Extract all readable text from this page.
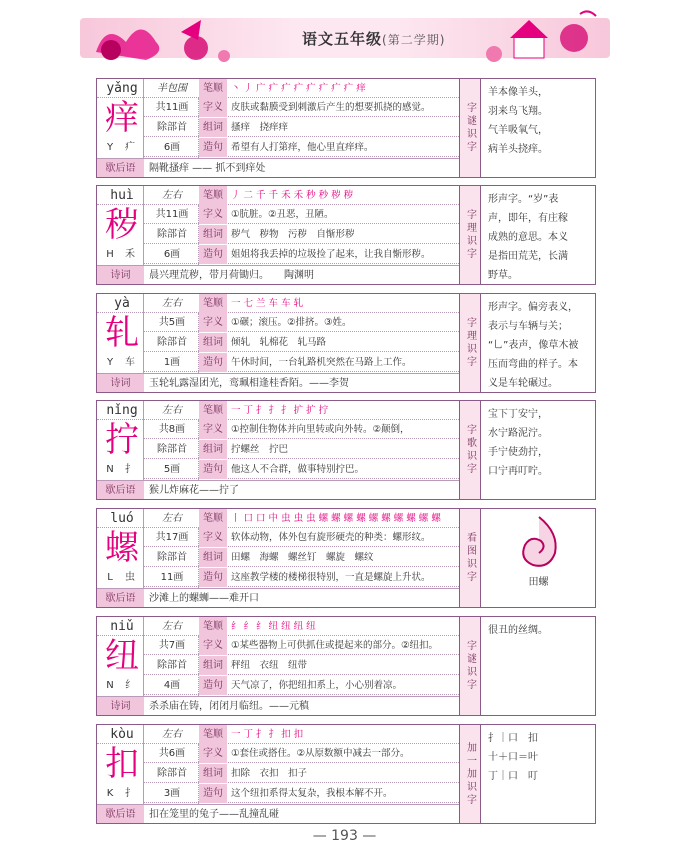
语文五年级(第二学期)
yǎng	半包围	笔顺 丶 丿 广 疒 疒 疒 疒 疒 疒 疒 痒
痒	共11画	字义 皮肤或黏膜受到刺激后产生的想要抓挠的感觉。
除部首	组词 搔痒　挠痒痒
Y 疒	6画	造句 希望有人打第痒，他心里直痒痒。
歇后语	隔靴搔痒 —— 抓不到痒处
字谜识字
羊本像羊头，
羽来鸟飞翔。
气羊吸氧气，
病羊头挠痒。
huì	左右	笔顺 丿 二 千 千 禾 禾 秒 秒 秽 秽
秽	共11画	字义 ①肮脏。②丑恶，丑陋。
除部首	组词 秽气　秽物　污秽　自惭形秽
H 禾	6画	造句 姐姐将我丢掉的垃圾捡了起来，让我自惭形秽。
诗词	晨兴理荒秽，带月荷锄归。　　陶渊明
字理识字
形声字。“岁”表
声，即年，有庄稼
成熟的意思。本义
是指田荒芜，长满
野草。
yà	左右	笔顺 一 七 兰 车 车 轧
轧	共5画	字义 ①碾；滚压。②排挤。③姓。
除部首	组词 倾轧　轧棉花　轧马路
Y 车	1画	造句 午休时间，一台轧路机突然在马路上工作。
诗词	玉轮轧露湿团光，鸾珮相逢桂香陌。——李贺
字理识字
形声字。偏旁表义，
表示与车辆与关；
“乚”表声，像草木被
压而弯曲的样子。本
义是车轮碾过。
nǐng	左右	笔顺 一 丁 扌 扌 扌 扩 扩 拧
拧	共8画	字义 ①控制住物体并向里转或向外转。②颠倒，
除部首	组词 拧螺丝　拧巴
N 扌	5画	造句 他这人不合群，做事特别拧巴。
歇后语	猴儿炸麻花——拧了
字歌识字
宝下丁安宁，
水宁路泥泞。
手宁使劲拧，
口宁再叮咛。
luó	左右	笔顺 丨 口 口 中 虫 虫 虫 螺 螺 螺 螺 螺 螺 螺 螺 螺 螺
螺	共17画	字义 软体动物，体外包有旋形硬壳的种类：螺形纹。
除部首	组词 田螺　海螺　螺丝钉　螺旋　螺纹
L 虫	11画	造句 这座教学楼的楼梯很特别，一直是螺旋上升状。
歇后语	沙滩上的螺蛳——难开口
看图识字	田螺
niǔ	左右	笔顺 纟 纟 纟 纽 纽 纽 纽
纽	共7画	字义 ①某些器物上可供抓住或提起来的部分。②纽扣。
除部首	组词 秤纽　衣纽　纽带
N 纟	4画	造句 天气凉了，你把纽扣系上，小心别着凉。
诗词	杀杀庙在铸，闭闭月临纽。——元稹
字谜识字
很丑的丝绸。
kòu	左右	笔顺 一 丁 扌 扌 扣 扣
扣	共6画	字义 ①套住或搭住。②从原数额中减去一部分。
除部首	组词 扣除　衣扣　扣子
K 扌	3画	造句 这个纽扣系得太复杂，我根本解不开。
歇后语	扣在笼里的兔子——乱撞乱碰
加一加识字
扌｜口　扣
十＋口＝叶
丁｜口　叮
— 193 —
